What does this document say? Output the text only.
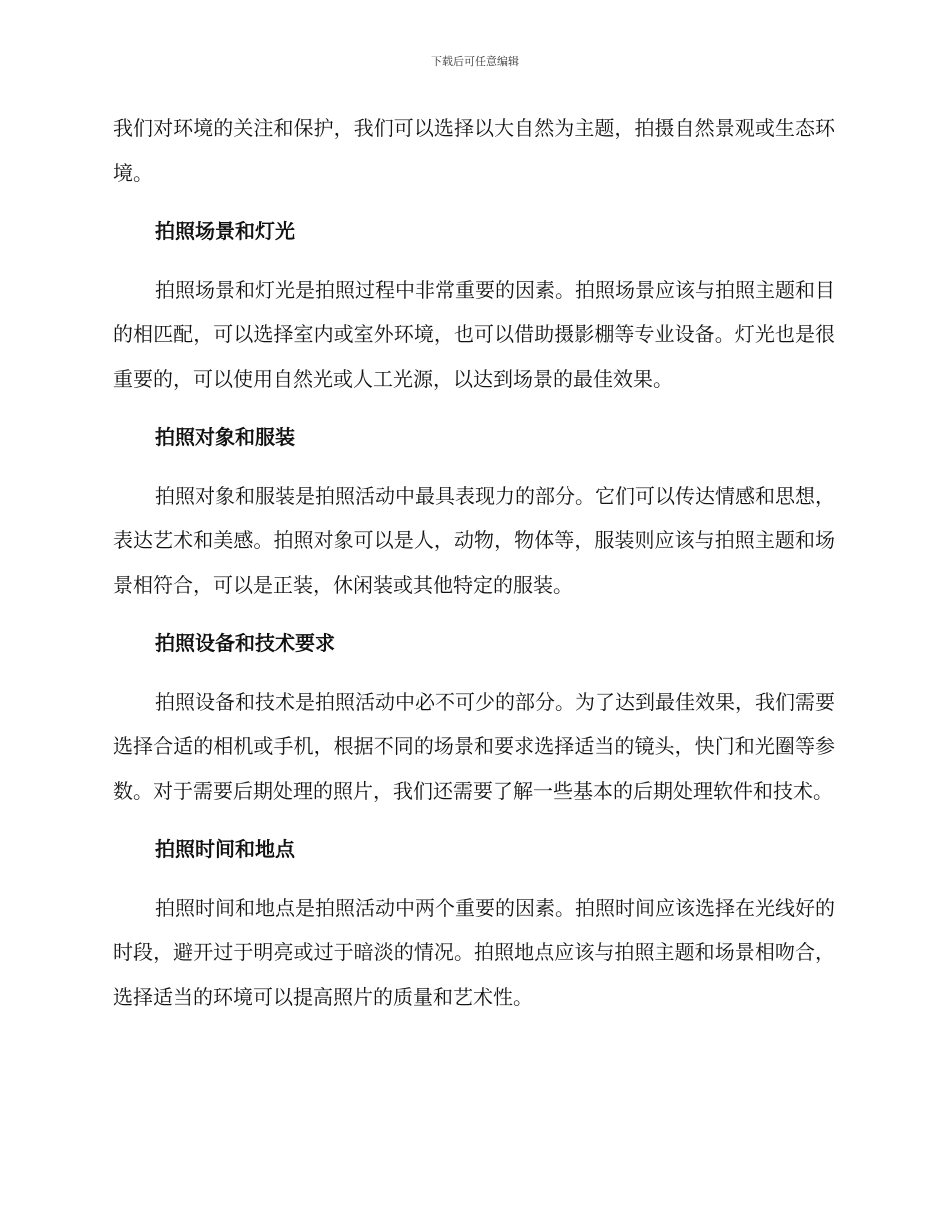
下载后可任意编辑

我们对环境的关注和保护，我们可以选择以大自然为主题，拍摄自然景观或生态环境。

拍照场景和灯光

拍照场景和灯光是拍照过程中非常重要的因素。拍照场景应该与拍照主题和目的相匹配，可以选择室内或室外环境，也可以借助摄影棚等专业设备。灯光也是很重要的，可以使用自然光或人工光源，以达到场景的最佳效果。

拍照对象和服装

拍照对象和服装是拍照活动中最具表现力的部分。它们可以传达情感和思想，表达艺术和美感。拍照对象可以是人，动物，物体等，服装则应该与拍照主题和场景相符合，可以是正装，休闲装或其他特定的服装。

拍照设备和技术要求

拍照设备和技术是拍照活动中必不可少的部分。为了达到最佳效果，我们需要选择合适的相机或手机，根据不同的场景和要求选择适当的镜头，快门和光圈等参数。对于需要后期处理的照片，我们还需要了解一些基本的后期处理软件和技术。

拍照时间和地点

拍照时间和地点是拍照活动中两个重要的因素。拍照时间应该选择在光线好的时段，避开过于明亮或过于暗淡的情况。拍照地点应该与拍照主题和场景相吻合，选择适当的环境可以提高照片的质量和艺术性。
